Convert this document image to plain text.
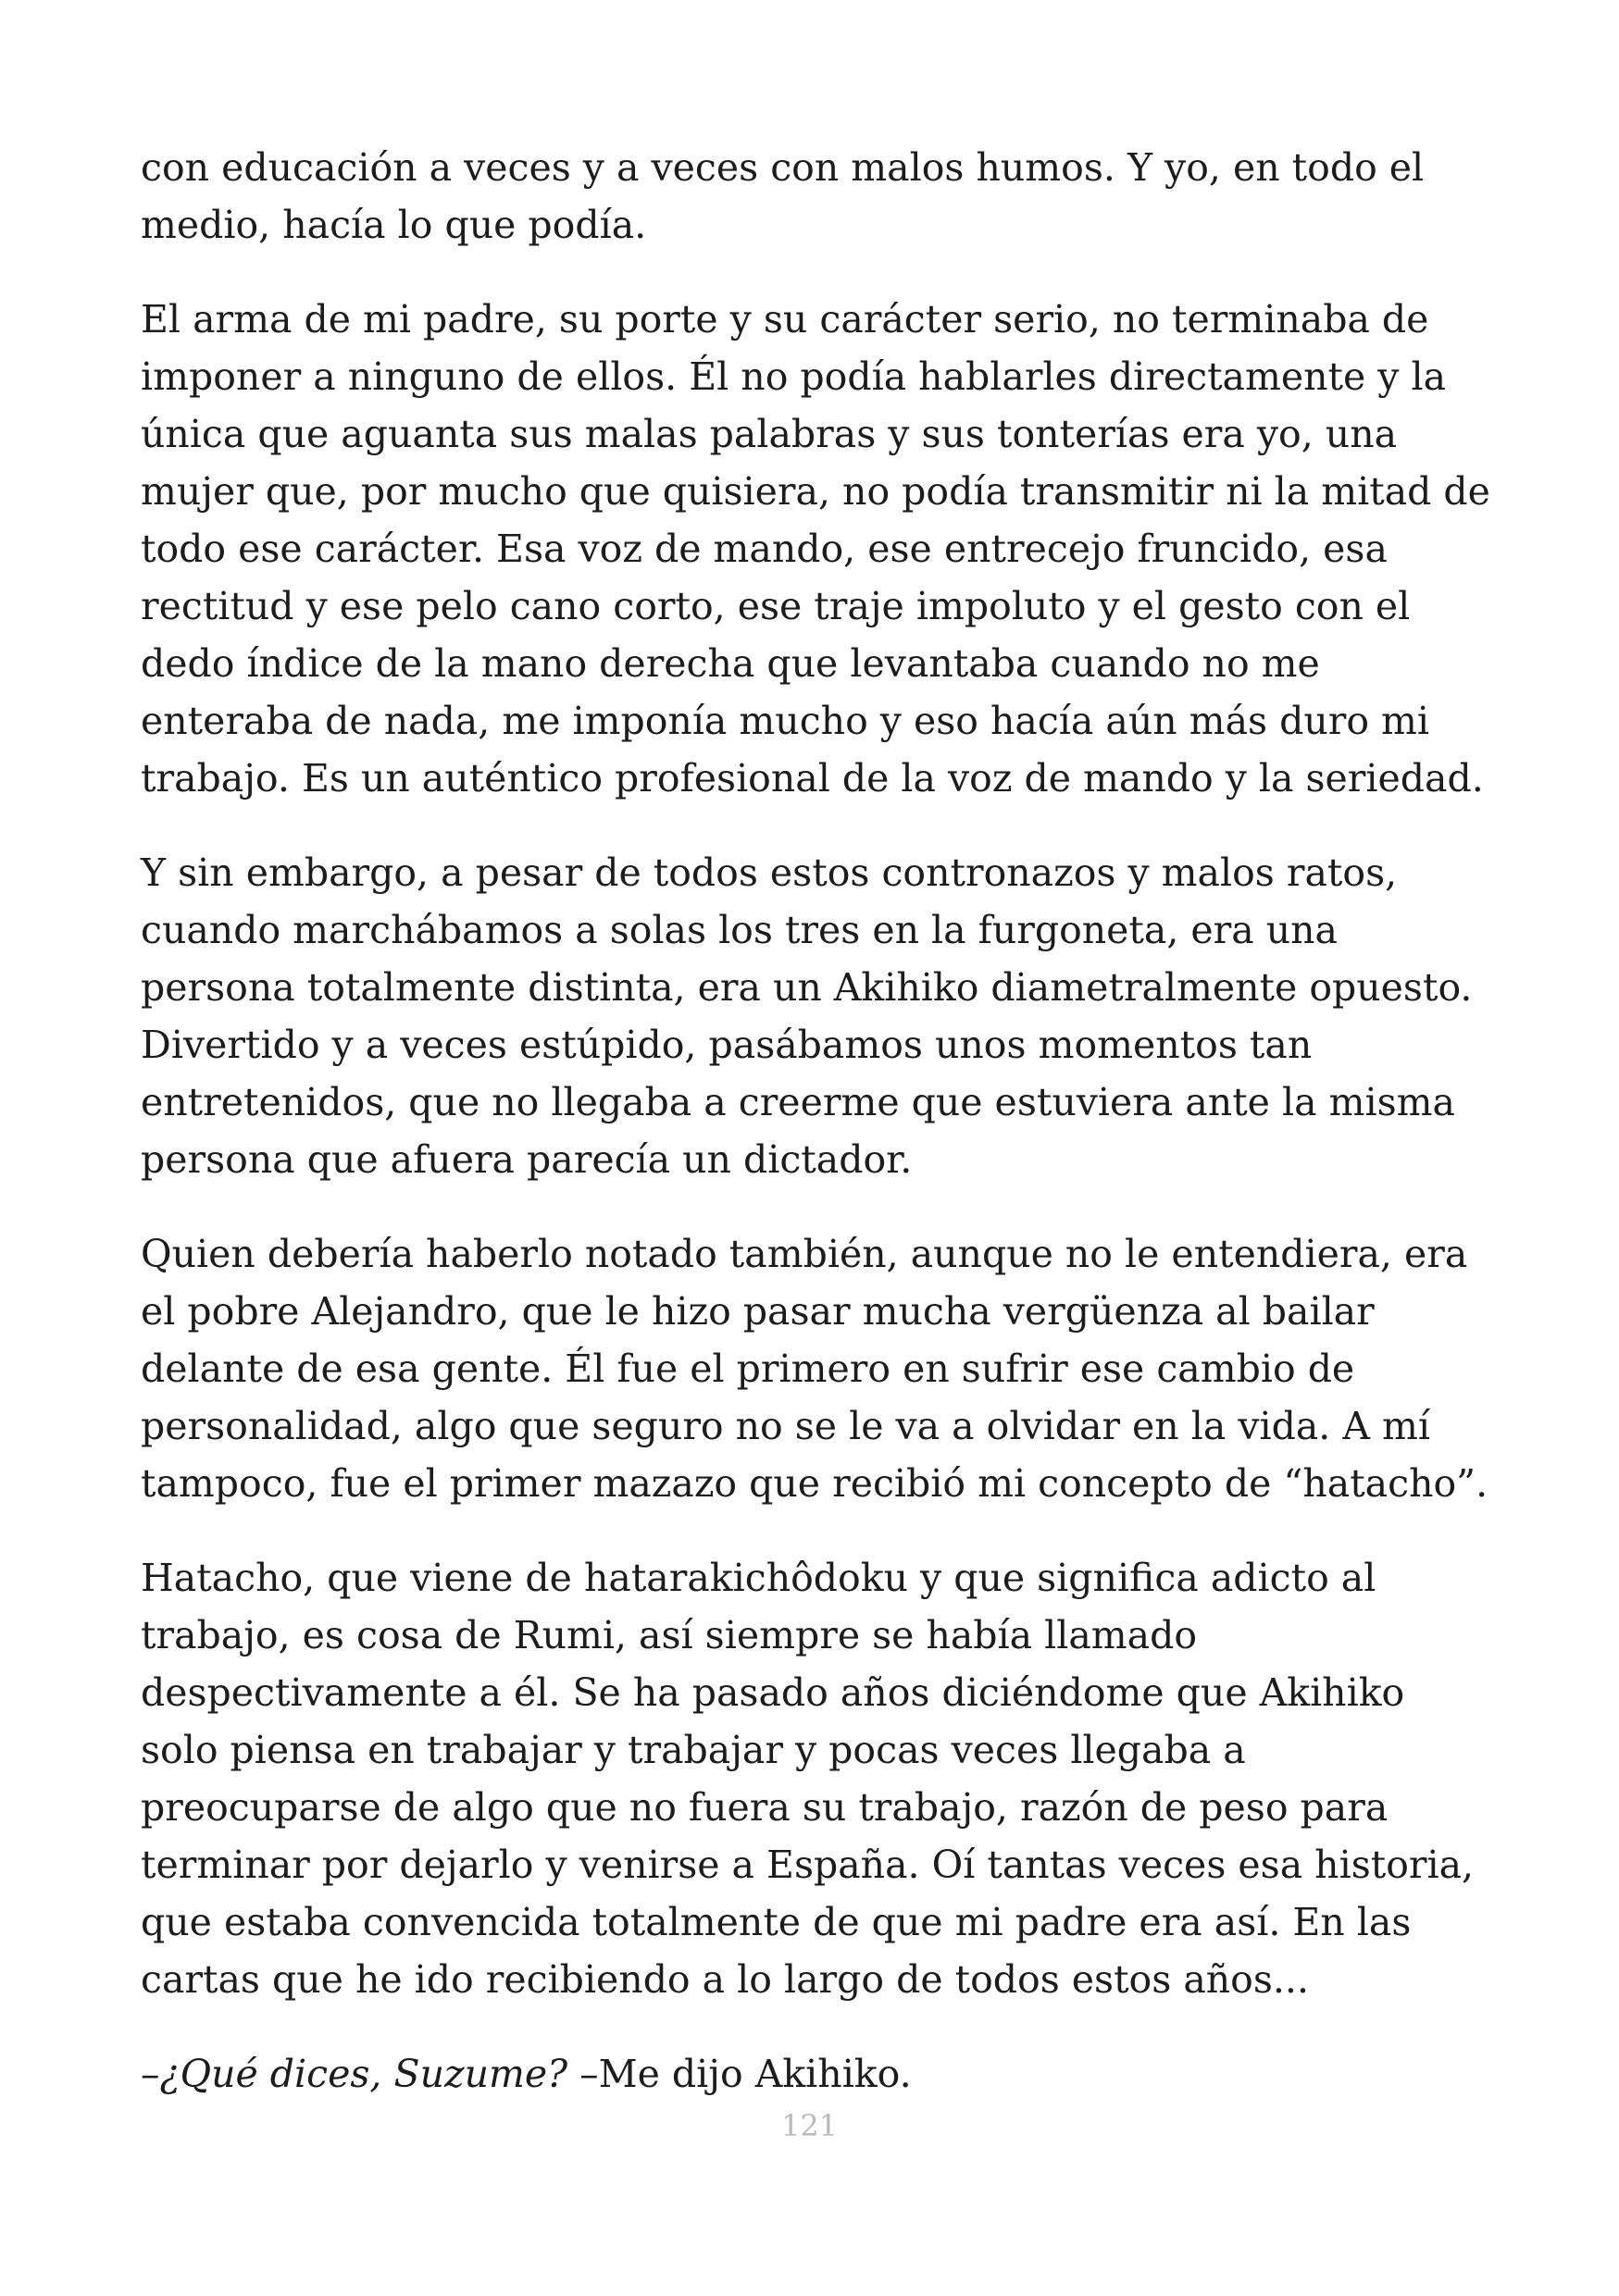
con educación a veces y a veces con malos humos. Y yo, en todo el medio, hacía lo que podía.

El arma de mi padre, su porte y su carácter serio, no terminaba de imponer a ninguno de ellos. Él no podía hablarles directamente y la única que aguanta sus malas palabras y sus tonterías era yo, una mujer que, por mucho que quisiera, no podía transmitir ni la mitad de todo ese carácter. Esa voz de mando, ese entrecejo fruncido, esa rectitud y ese pelo cano corto, ese traje impoluto y el gesto con el dedo índice de la mano derecha que levantaba cuando no me enteraba de nada, me imponía mucho y eso hacía aún más duro mi trabajo. Es un auténtico profesional de la voz de mando y la seriedad.

Y sin embargo, a pesar de todos estos contronazos y malos ratos, cuando marchábamos a solas los tres en la furgoneta, era una persona totalmente distinta, era un Akihiko diametralmente opuesto. Divertido y a veces estúpido, pasábamos unos momentos tan entretenidos, que no llegaba a creerme que estuviera ante la misma persona que afuera parecía un dictador.

Quien debería haberlo notado también, aunque no le entendiera, era el pobre Alejandro, que le hizo pasar mucha vergüenza al bailar delante de esa gente. Él fue el primero en sufrir ese cambio de personalidad, algo que seguro no se le va a olvidar en la vida. A mí tampoco, fue el primer mazazo que recibió mi concepto de “hatacho”.

Hatacho, que viene de hatarakichôdoku y que significa adicto al trabajo, es cosa de Rumi, así siempre se había llamado despectivamente a él. Se ha pasado años diciéndome que Akihiko solo piensa en trabajar y trabajar y pocas veces llegaba a preocuparse de algo que no fuera su trabajo, razón de peso para terminar por dejarlo y venirse a España. Oí tantas veces esa historia, que estaba convencida totalmente de que mi padre era así. En las cartas que he ido recibiendo a lo largo de todos estos años...

–¿Qué dices, Suzume? –Me dijo Akihiko.

121
